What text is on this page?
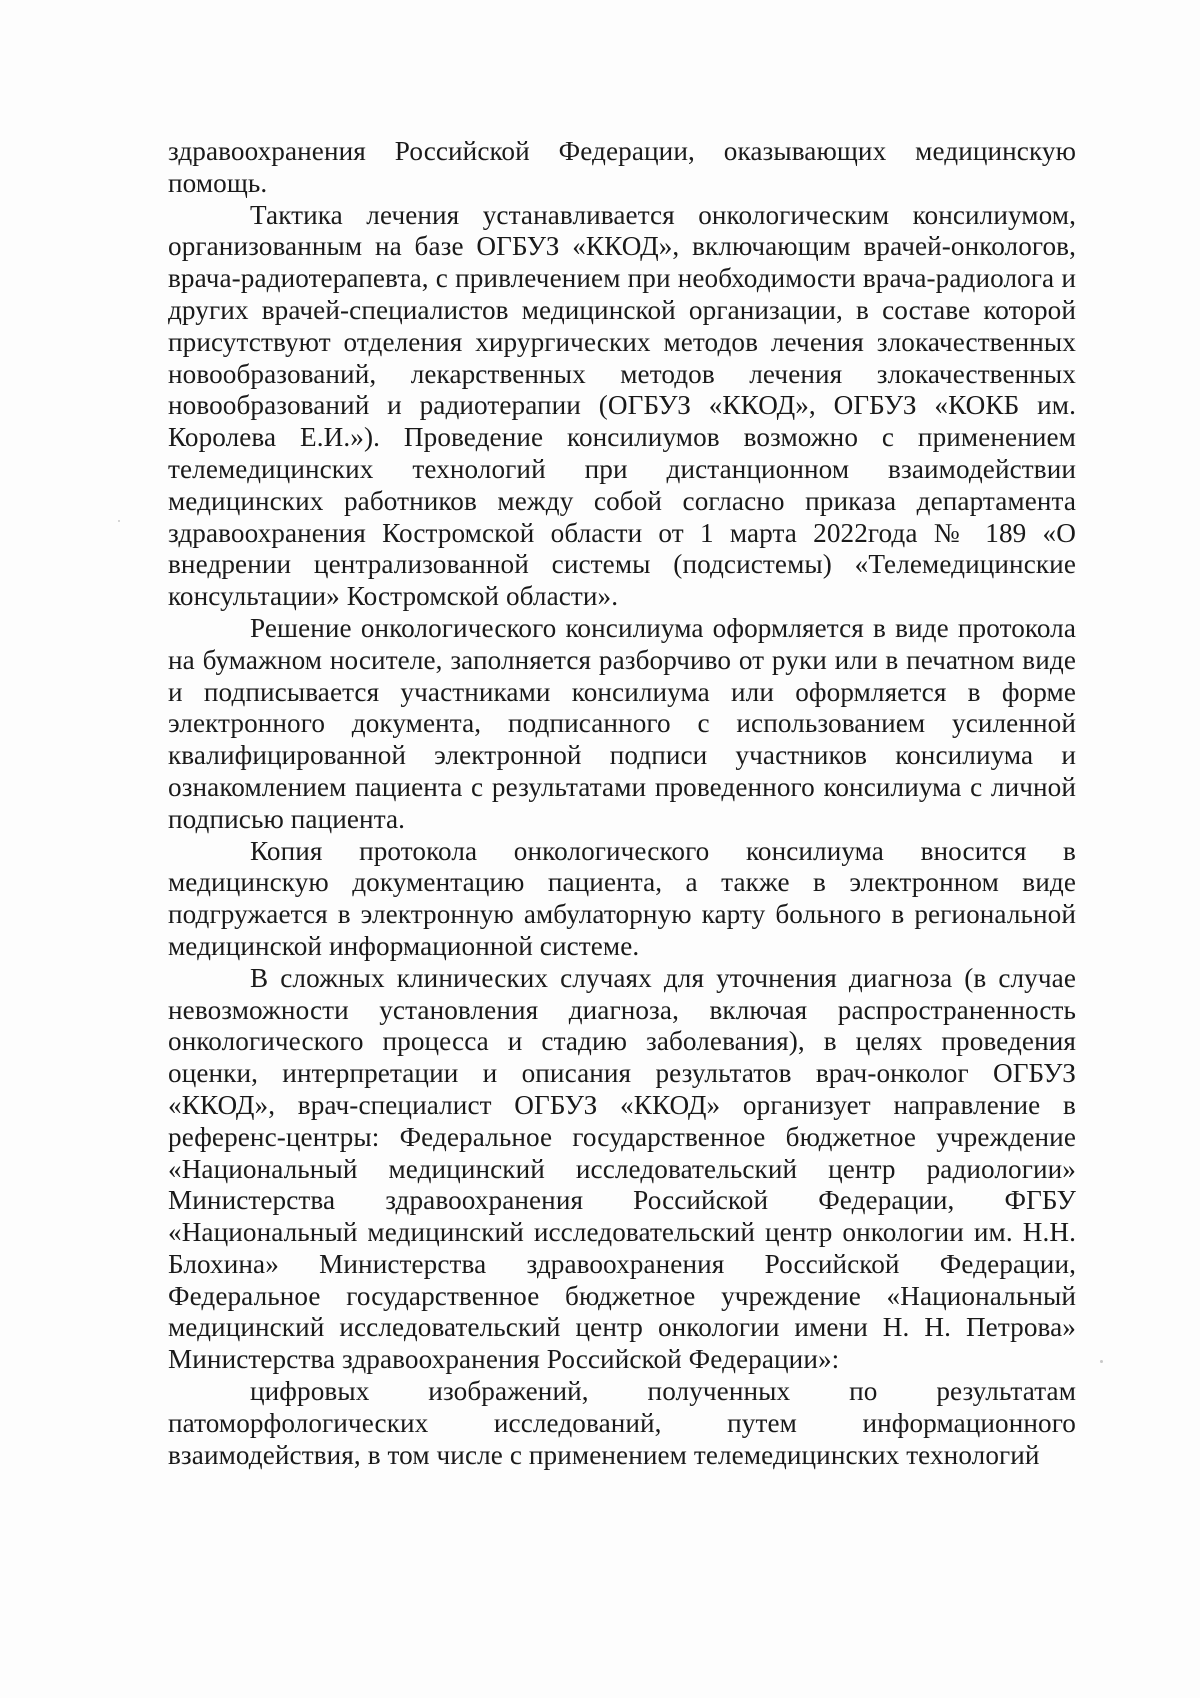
здравоохранения Российской Федерации, оказывающих медицинскую помощь.

Тактика лечения устанавливается онкологическим консилиумом, организованным на базе ОГБУЗ «ККОД», включающим врачей-онкологов, врача-радиотерапевта, с привлечением при необходимости врача-радиолога и других врачей-специалистов медицинской организации, в составе которой присутствуют отделения хирургических методов лечения злокачественных новообразований, лекарственных методов лечения злокачественных новообразований и радиотерапии (ОГБУЗ «ККОД», ОГБУЗ «КОКБ им. Королева Е.И.»). Проведение консилиумов возможно с применением телемедицинских технологий при дистанционном взаимодействии медицинских работников между собой согласно приказа департамента здравоохранения Костромской области от 1 марта 2022года № 189 «О внедрении централизованной системы (подсистемы) «Телемедицинские консультации» Костромской области».

Решение онкологического консилиума оформляется в виде протокола на бумажном носителе, заполняется разборчиво от руки или в печатном виде и подписывается участниками консилиума или оформляется в форме электронного документа, подписанного с использованием усиленной квалифицированной электронной подписи участников консилиума и ознакомлением пациента с результатами проведенного консилиума с личной подписью пациента.

Копия протокола онкологического консилиума вносится в медицинскую документацию пациента, а также в электронном виде подгружается в электронную амбулаторную карту больного в региональной медицинской информационной системе.

В сложных клинических случаях для уточнения диагноза (в случае невозможности установления диагноза, включая распространенность онкологического процесса и стадию заболевания), в целях проведения оценки, интерпретации и описания результатов врач-онколог ОГБУЗ «ККОД», врач-специалист ОГБУЗ «ККОД» организует направление в референс-центры: Федеральное государственное бюджетное учреждение «Национальный медицинский исследовательский центр радиологии» Министерства здравоохранения Российской Федерации, ФГБУ «Национальный медицинский исследовательский центр онкологии им. Н.Н. Блохина» Министерства здравоохранения Российской Федерации, Федеральное государственное бюджетное учреждение «Национальный медицинский исследовательский центр онкологии имени Н. Н. Петрова» Министерства здравоохранения Российской Федерации»:

цифровых изображений, полученных по результатам патоморфологических исследований, путем информационного взаимодействия, в том числе с применением телемедицинских технологий
